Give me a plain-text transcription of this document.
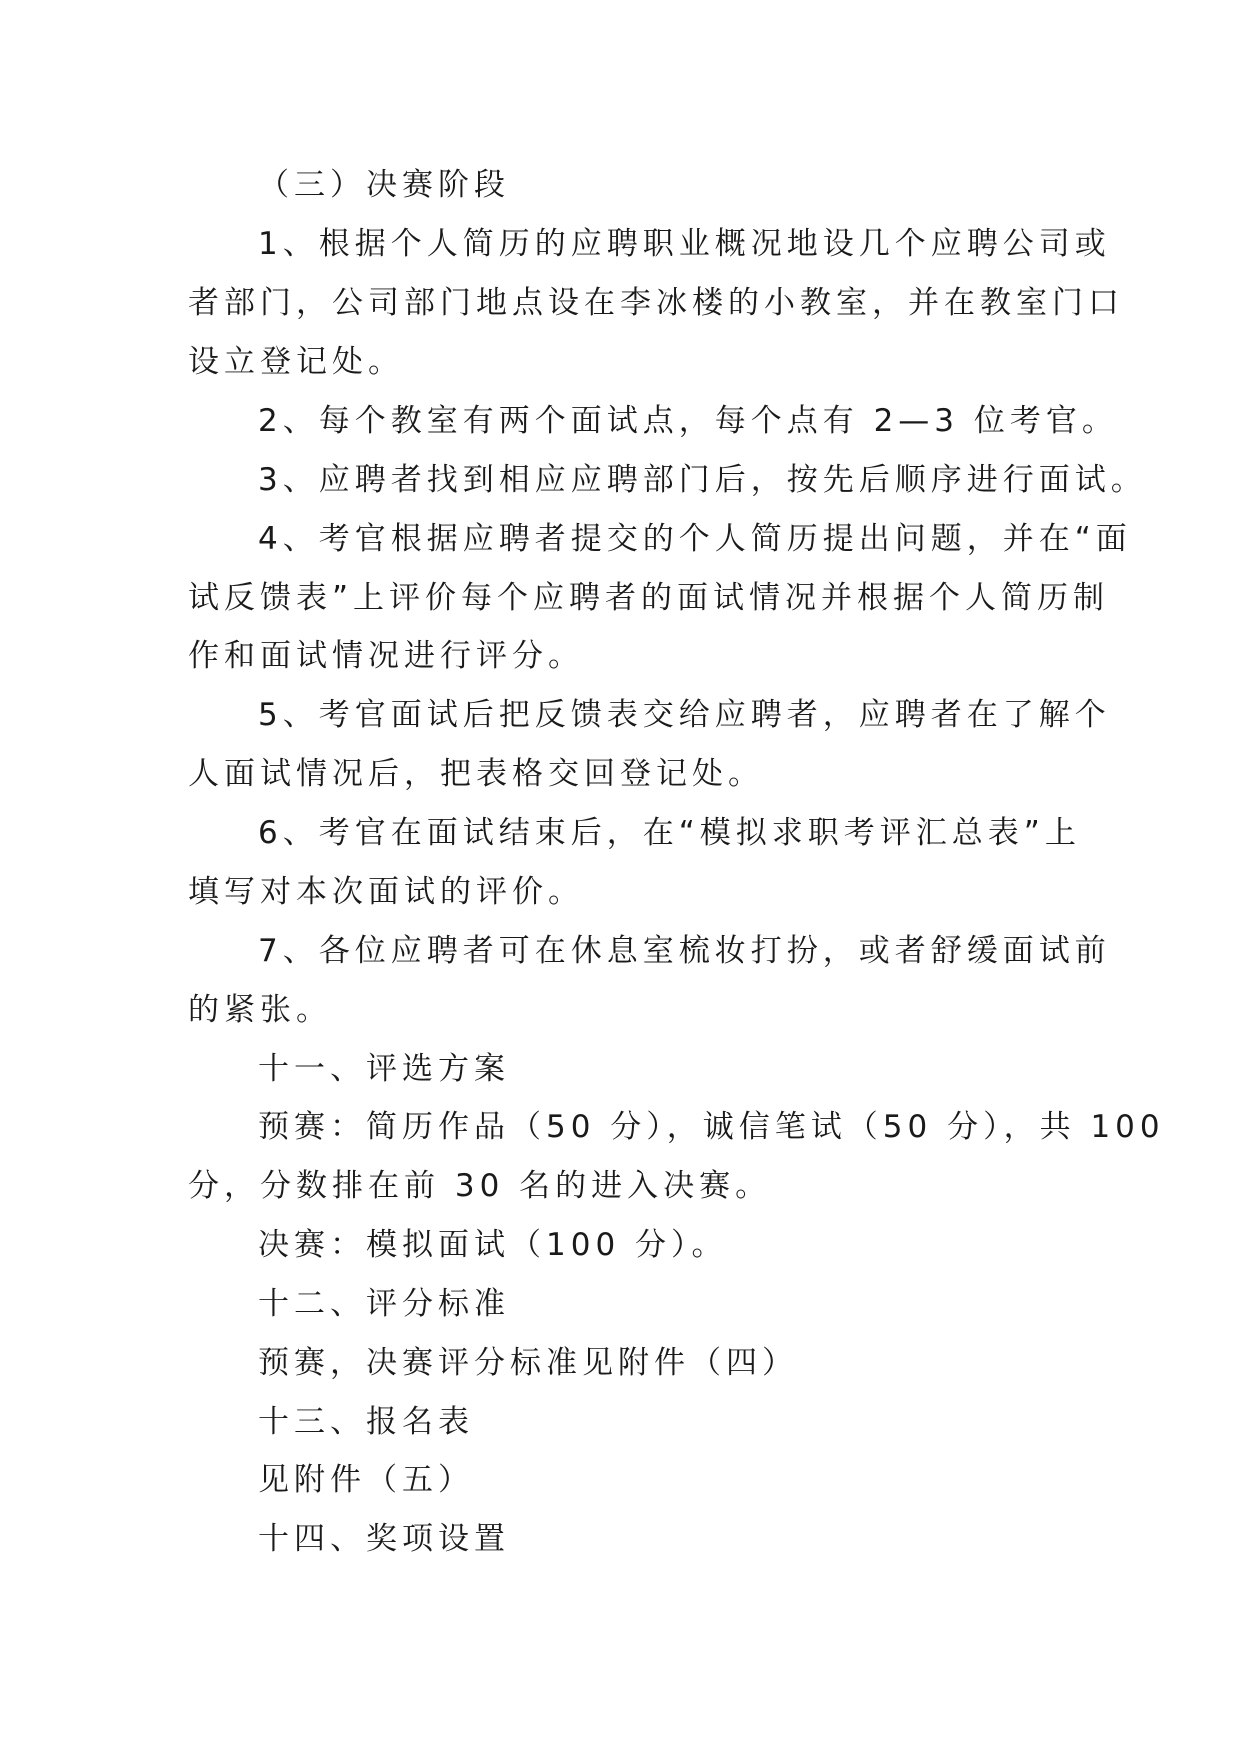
（三）决赛阶段
1、根据个人简历的应聘职业概况地设几个应聘公司或
者部门，公司部门地点设在李冰楼的小教室，并在教室门口
设立登记处。
2、每个教室有两个面试点，每个点有 2—3 位考官。
3、应聘者找到相应应聘部门后，按先后顺序进行面试。
4、考官根据应聘者提交的个人简历提出问题，并在“面
试反馈表”上评价每个应聘者的面试情况并根据个人简历制
作和面试情况进行评分。
5、考官面试后把反馈表交给应聘者，应聘者在了解个
人面试情况后，把表格交回登记处。
6、考官在面试结束后，在“模拟求职考评汇总表”上
填写对本次面试的评价。
7、各位应聘者可在休息室梳妆打扮，或者舒缓面试前
的紧张。
十一、评选方案
预赛：简历作品（50 分），诚信笔试（50 分），共 100
分，分数排在前 30 名的进入决赛。
决赛：模拟面试（100 分）。
十二、评分标准
预赛，决赛评分标准见附件（四）
十三、报名表
见附件（五）
十四、奖项设置
